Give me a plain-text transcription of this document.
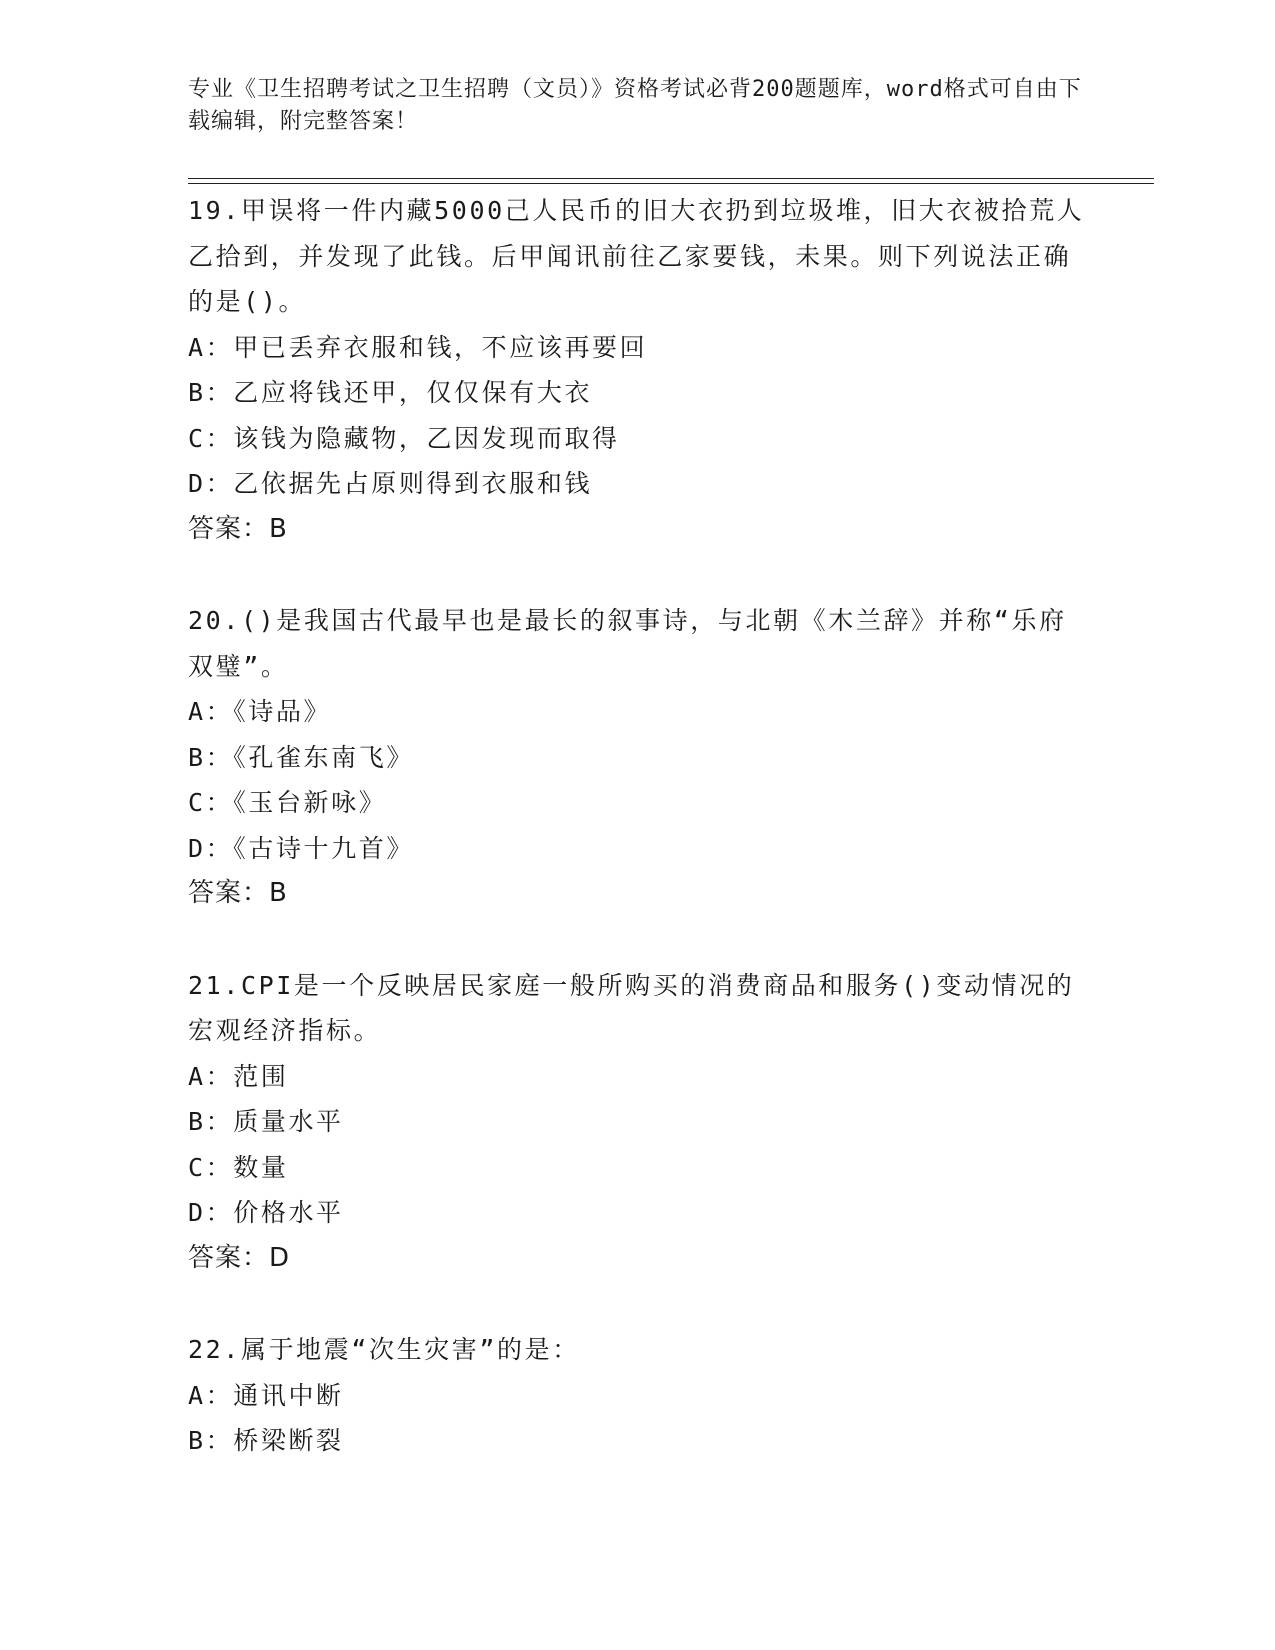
专业《卫生招聘考试之卫生招聘（文员）》资格考试必背200题题库，word格式可自由下载编辑，附完整答案！
19.甲误将一件内藏5000己人民币的旧大衣扔到垃圾堆，旧大衣被拾荒人乙拾到，并发现了此钱。后甲闻讯前往乙家要钱，未果。则下列说法正确的是()。
A：甲已丢弃衣服和钱，不应该再要回
B：乙应将钱还甲，仅仅保有大衣
C：该钱为隐藏物，乙因发现而取得
D：乙依据先占原则得到衣服和钱
答案：B
20.()是我国古代最早也是最长的叙事诗，与北朝《木兰辞》并称“乐府双璧”。
A：《诗品》
B：《孔雀东南飞》
C：《玉台新咏》
D：《古诗十九首》
答案：B
21.CPI是一个反映居民家庭一般所购买的消费商品和服务()变动情况的宏观经济指标。
A：范围
B：质量水平
C：数量
D：价格水平
答案：D
22.属于地震“次生灾害”的是：
A：通讯中断
B：桥梁断裂
